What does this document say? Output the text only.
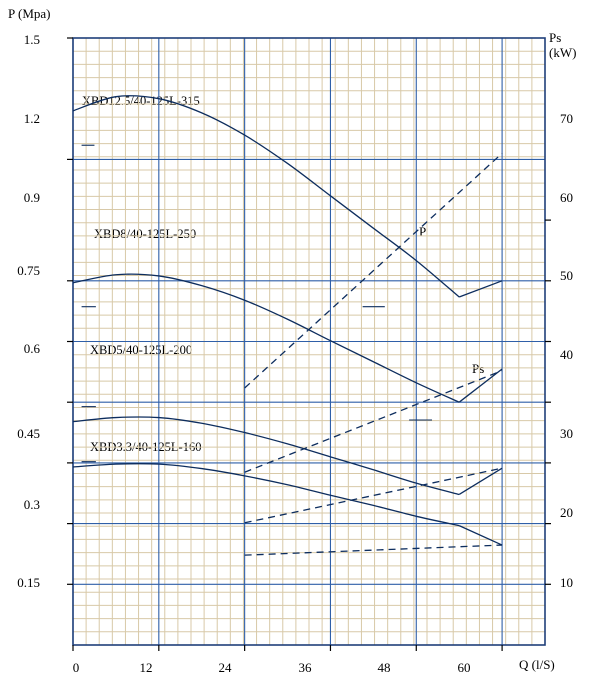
P (Mpa)
Ps
(kW)
Q (l/S)
1.5
1.2
0.9
0.75
0.6
0.45
0.3
0.15
70
60
50
40
30
20
10
0	12	24	36	48	60
XBD12.5/40-125L-315
XBD8/40-125L-250
XBD5/40-125L-200
XBD3.3/40-125L-160
P
Ps
